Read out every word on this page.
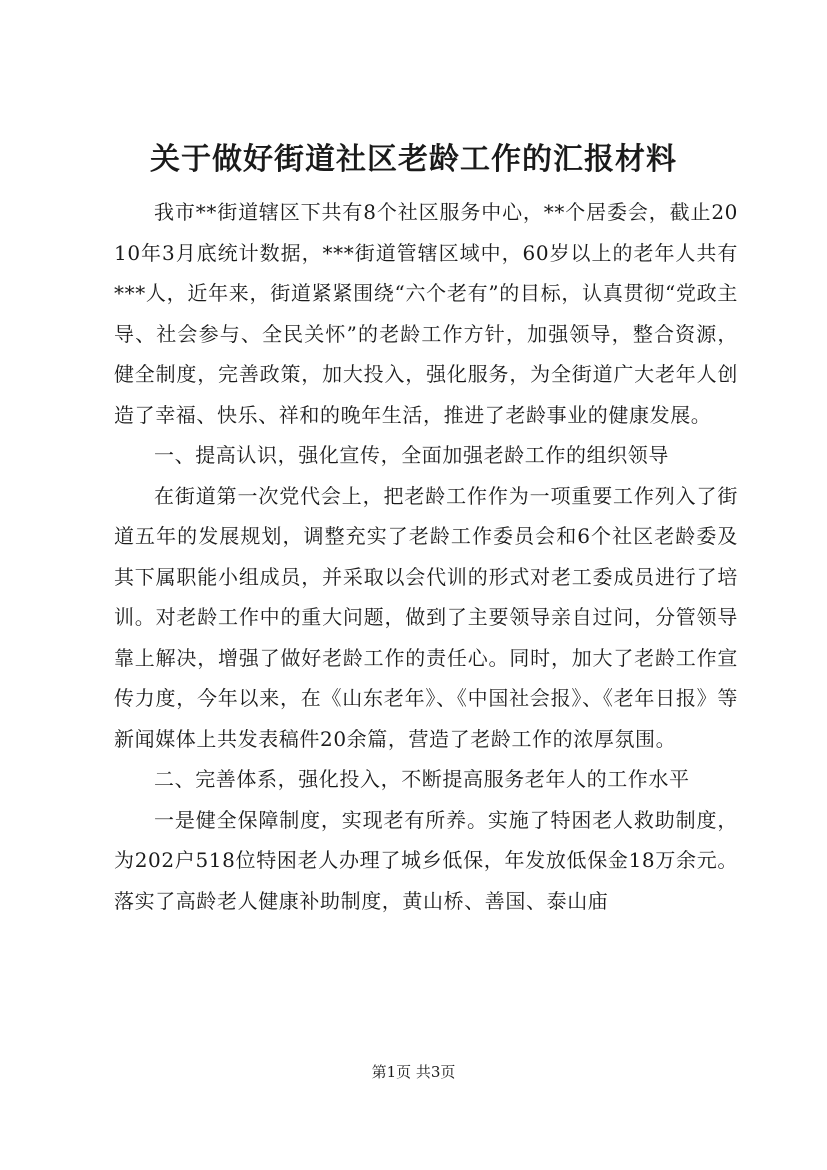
关于做好街道社区老龄工作的汇报材料

我市**街道辖区下共有8个社区服务中心，**个居委会，截止2010年3月底统计数据，***街道管辖区域中，60岁以上的老年人共有***人，近年来，街道紧紧围绕“六个老有”的目标，认真贯彻“党政主导、社会参与、全民关怀”的老龄工作方针，加强领导，整合资源，健全制度，完善政策，加大投入，强化服务，为全街道广大老年人创造了幸福、快乐、祥和的晚年生活，推进了老龄事业的健康发展。

一、提高认识，强化宣传，全面加强老龄工作的组织领导

在街道第一次党代会上，把老龄工作作为一项重要工作列入了街道五年的发展规划，调整充实了老龄工作委员会和6个社区老龄委及其下属职能小组成员，并采取以会代训的形式对老工委成员进行了培训。对老龄工作中的重大问题，做到了主要领导亲自过问，分管领导靠上解决，增强了做好老龄工作的责任心。同时，加大了老龄工作宣传力度，今年以来，在《山东老年》、《中国社会报》、《老年日报》等新闻媒体上共发表稿件20余篇，营造了老龄工作的浓厚氛围。

二、完善体系，强化投入，不断提高服务老年人的工作水平

一是健全保障制度，实现老有所养。实施了特困老人救助制度，为202户518位特困老人办理了城乡低保，年发放低保金18万余元。落实了高龄老人健康补助制度，黄山桥、善国、泰山庙

第1页 共3页
